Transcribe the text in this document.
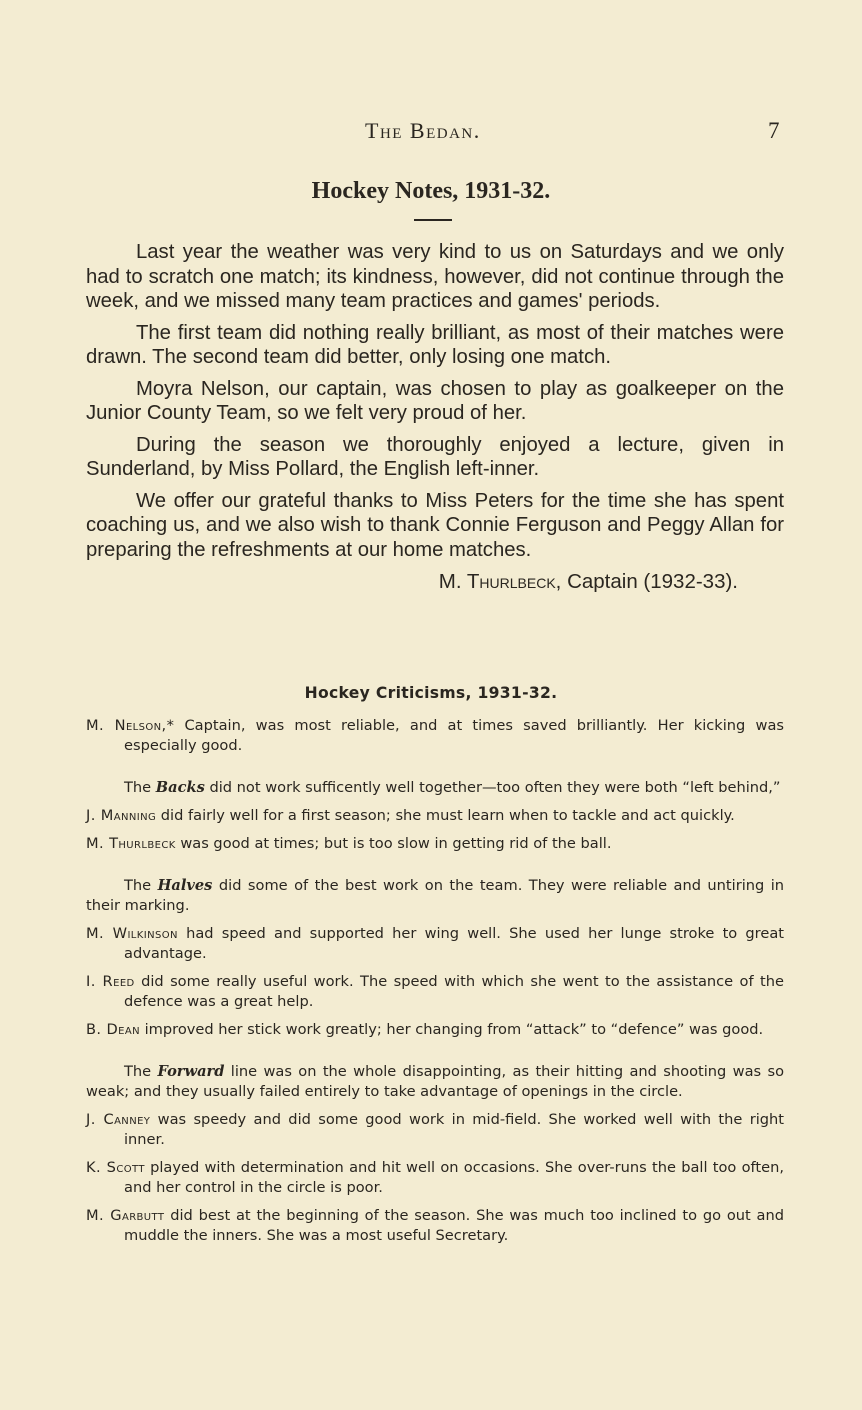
The Bedan.	7
Hockey Notes, 1931-32.

Last year the weather was very kind to us on Saturdays and we only had to scratch one match; its kindness, however, did not continue through the week, and we missed many team practices and games' periods.

The first team did nothing really brilliant, as most of their matches were drawn. The second team did better, only losing one match.

Moyra Nelson, our captain, was chosen to play as goalkeeper on the Junior County Team, so we felt very proud of her.

During the season we thoroughly enjoyed a lecture, given in Sunderland, by Miss Pollard, the English left-inner.

We offer our grateful thanks to Miss Peters for the time she has spent coaching us, and we also wish to thank Connie Ferguson and Peggy Allan for preparing the refreshments at our home matches.

M. Thurlbeck, Captain (1932-33).
Hockey Criticisms, 1931-32.

M. Nelson,* Captain, was most reliable, and at times saved brilliantly. Her kicking was especially good.

The Backs did not work sufficently well together—too often they were both “left behind,”

J. Manning did fairly well for a first season; she must learn when to tackle and act quickly.

M. Thurlbeck was good at times; but is too slow in getting rid of the ball.

The Halves did some of the best work on the team. They were reliable and untiring in their marking.

M. Wilkinson had speed and supported her wing well. She used her lunge stroke to great advantage.

I. Reed did some really useful work. The speed with which she went to the assistance of the defence was a great help.

B. Dean improved her stick work greatly; her changing from “attack” to “defence” was good.

The Forward line was on the whole disappointing, as their hitting and shooting was so weak; and they usually failed entirely to take advantage of openings in the circle.

J. Canney was speedy and did some good work in mid-field. She worked well with the right inner.

K. Scott played with determination and hit well on occasions. She over-runs the ball too often, and her control in the circle is poor.

M. Garbutt did best at the beginning of the season. She was much too inclined to go out and muddle the inners. She was a most useful Secretary.
